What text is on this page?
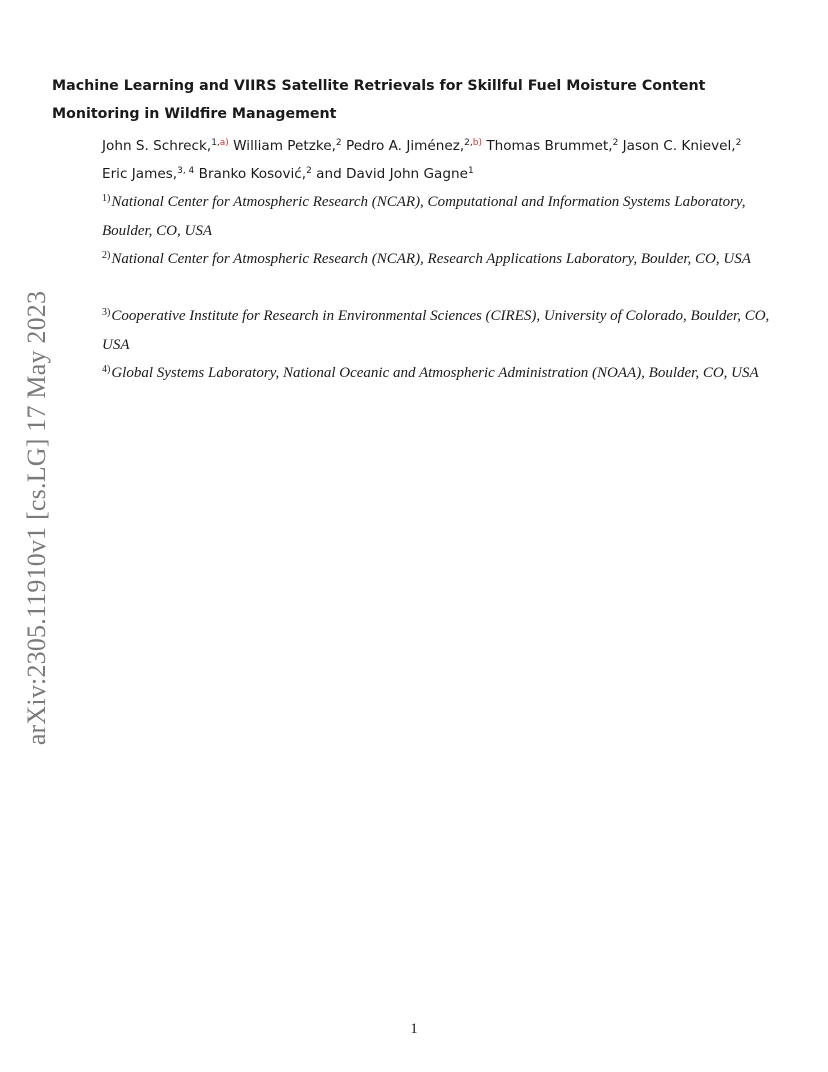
arXiv:2305.11910v1 [cs.LG] 17 May 2023
Machine Learning and VIIRS Satellite Retrievals for Skillful Fuel Moisture Content Monitoring in Wildfire Management
John S. Schreck,$^{1,a)}$ William Petzke,$^2$ Pedro A. Jiménez,$^{2,b)}$ Thomas Brummet,$^2$ Jason C. Knievel,$^2$
Eric James,$^{3, 4}$ Branko Kosović,$^2$ and David John Gagne$^1$
$^{1)}$National Center for Atmospheric Research (NCAR), Computational and Information Systems Laboratory, Boulder, CO, USA
$^{2)}$National Center for Atmospheric Research (NCAR), Research Applications Laboratory, Boulder, CO, USA
$^{3)}$Cooperative Institute for Research in Environmental Sciences (CIRES), University of Colorado, Boulder, CO, USA
$^{4)}$Global Systems Laboratory, National Oceanic and Atmospheric Administration (NOAA), Boulder, CO, USA
1
